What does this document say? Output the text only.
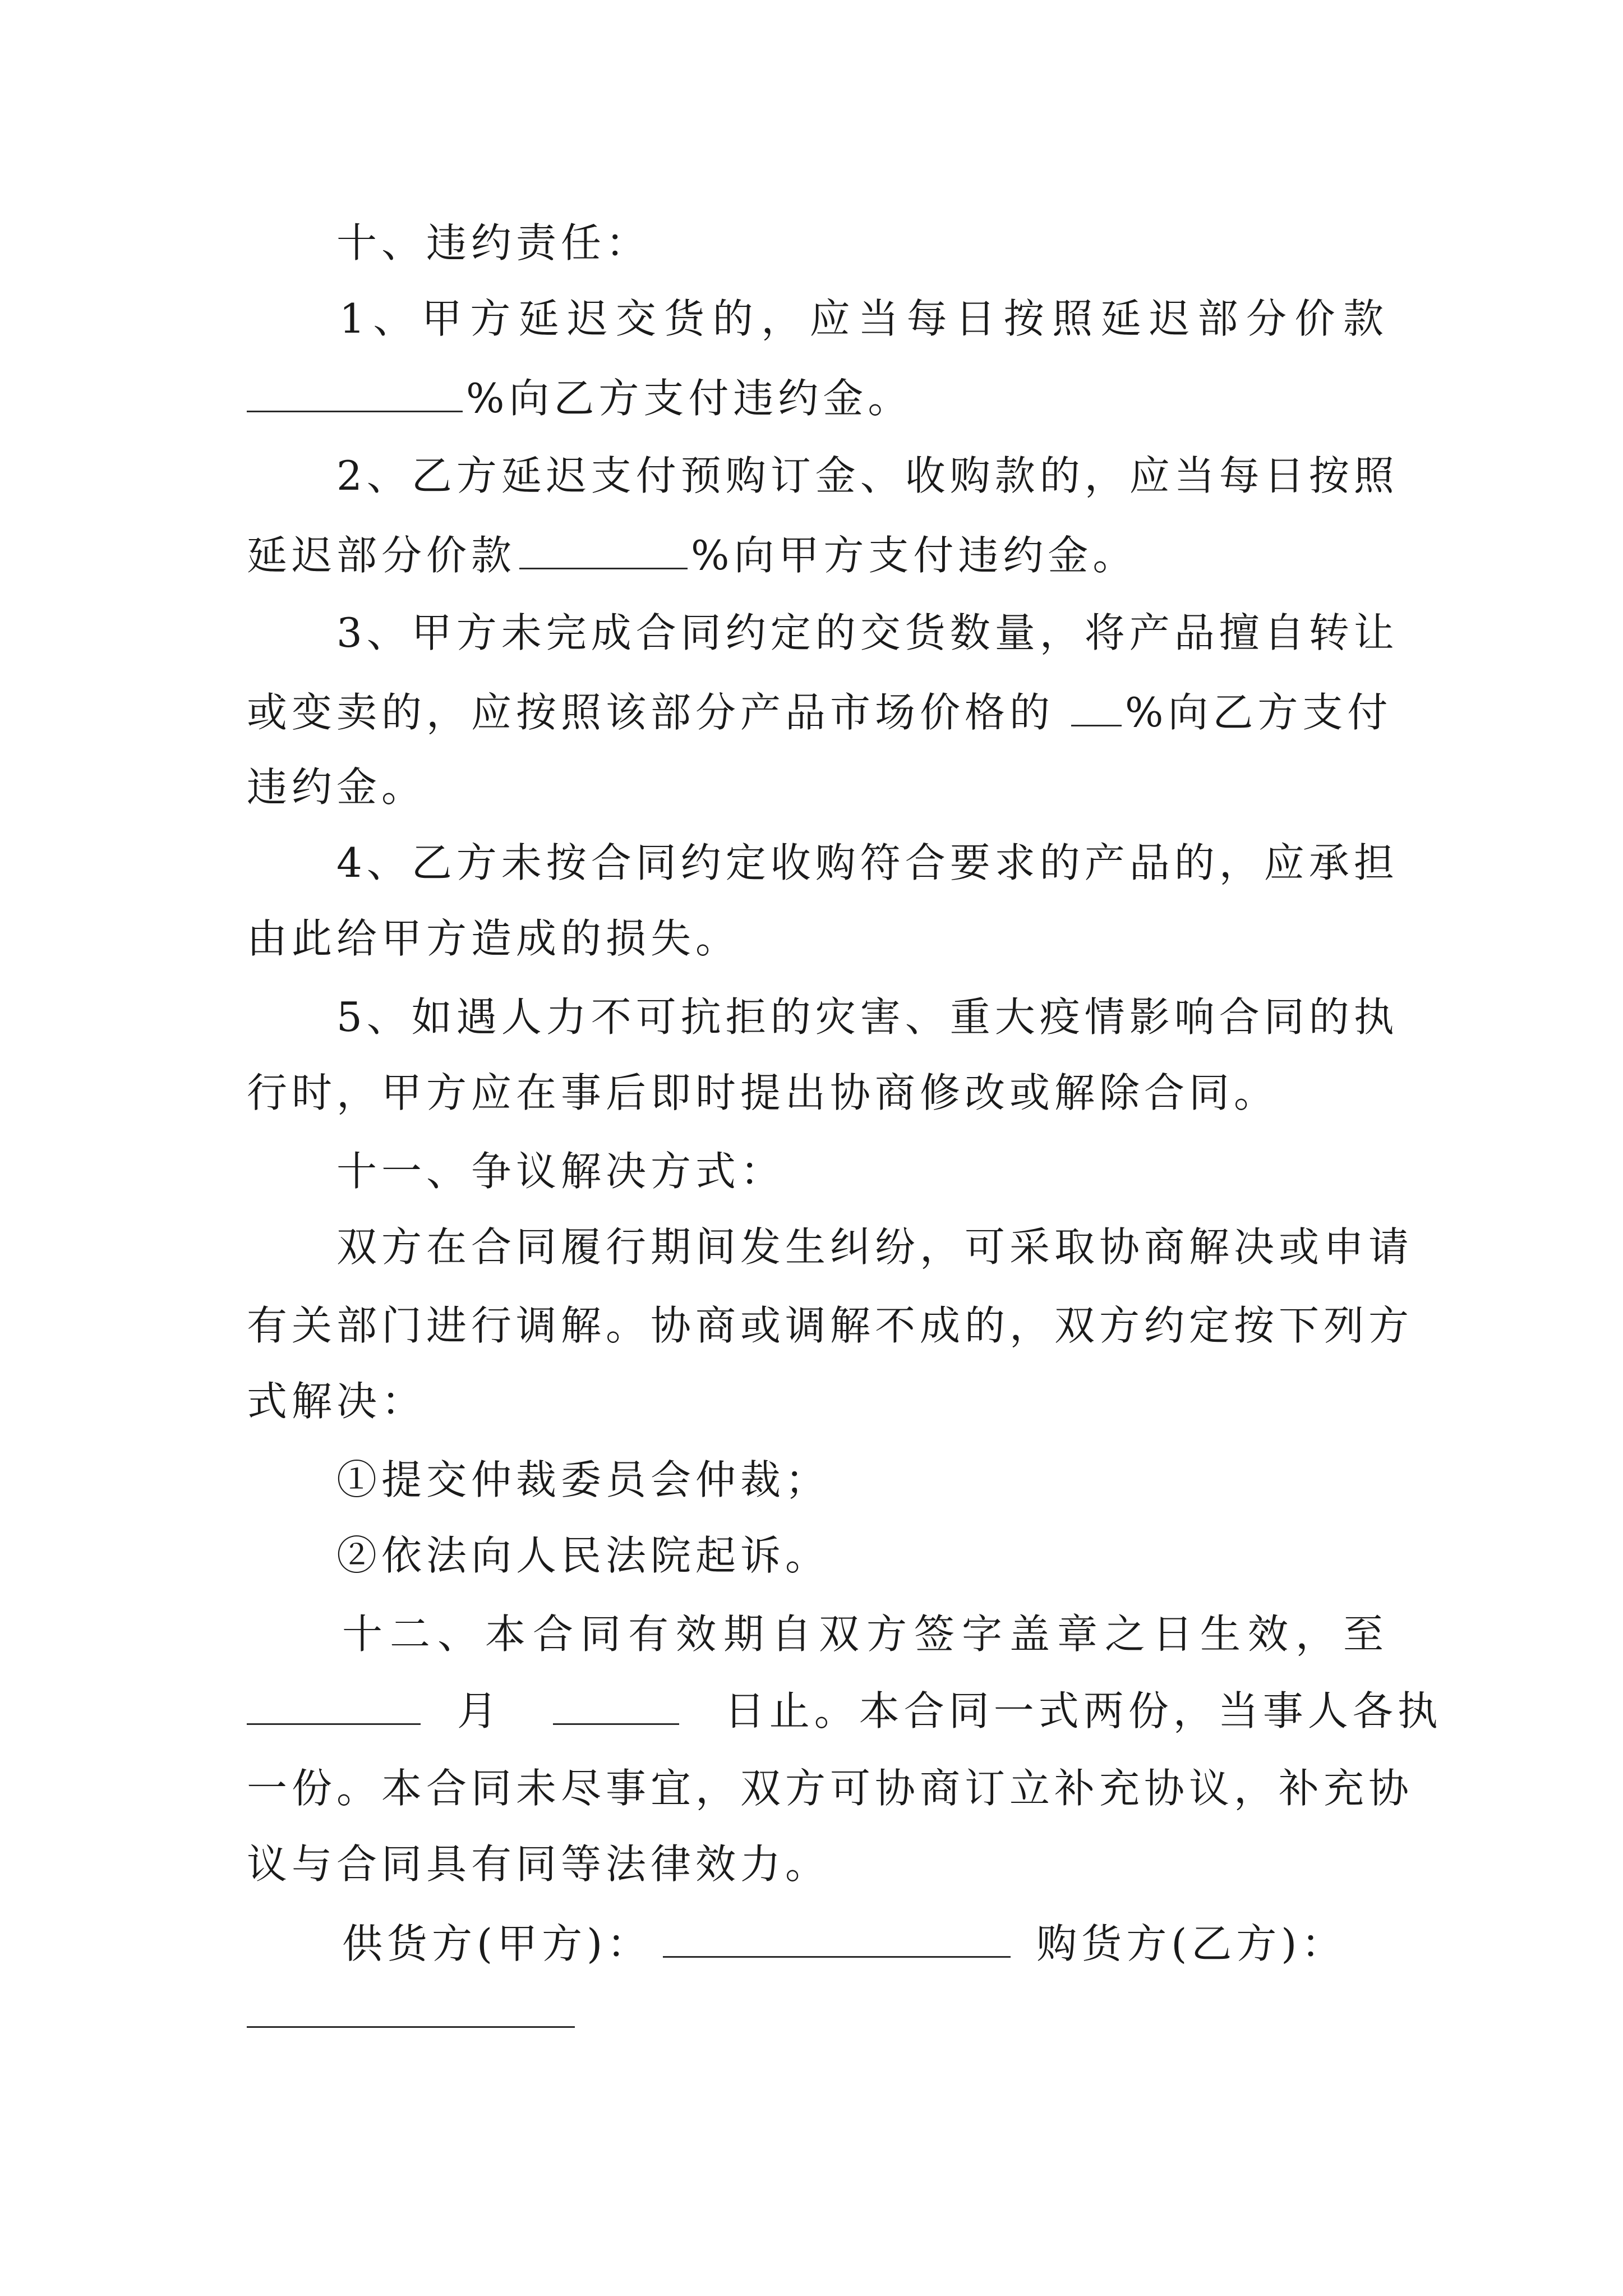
十、违约责任：
1、甲方延迟交货的，应当每日按照延迟部分价款
%向乙方支付违约金。
2、乙方延迟支付预购订金、收购款的，应当每日按照
延迟部分价款	%向甲方支付违约金。
3、甲方未完成合同约定的交货数量，将产品擅自转让
或变卖的，应按照该部分产品市场价格的 %向乙方支付
违约金。
4、乙方未按合同约定收购符合要求的产品的，应承担
由此给甲方造成的损失。
5、如遇人力不可抗拒的灾害、重大疫情影响合同的执
行时，甲方应在事后即时提出协商修改或解除合同。
十一、争议解决方式：
双方在合同履行期间发生纠纷，可采取协商解决或申请
有关部门进行调解。协商或调解不成的，双方约定按下列方
式解决：
①提交仲裁委员会仲裁；
②依法向人民法院起诉。
十二、本合同有效期自双方签字盖章之日生效，至
月	日止。本合同一式两份，当事人各执
一份。本合同未尽事宜，双方可协商订立补充协议，补充协
议与合同具有同等法律效力。
供货方(甲方)：	购货方(乙方)：
